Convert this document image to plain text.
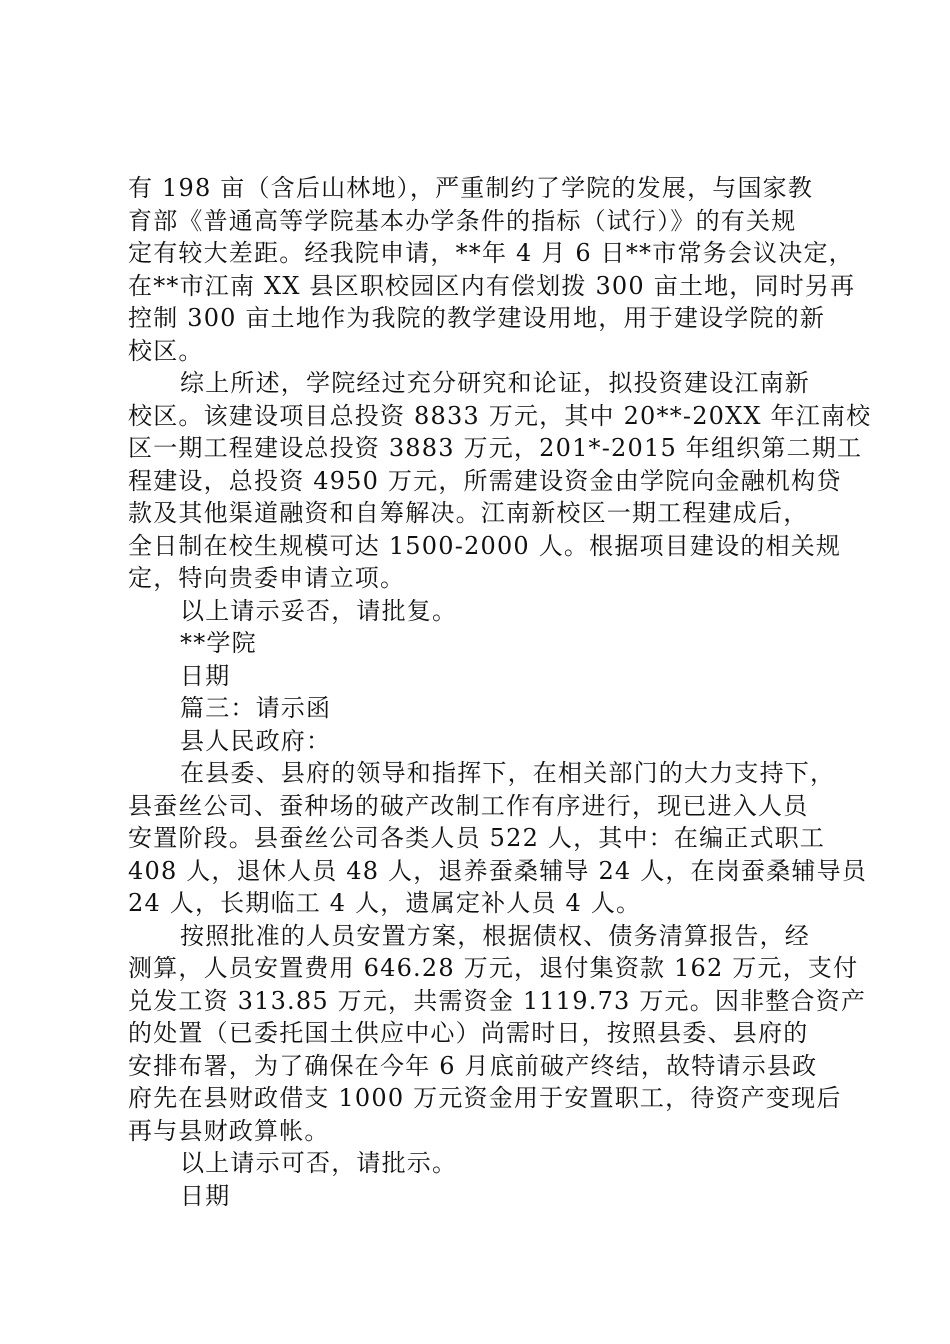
有 198 亩（含后山林地），严重制约了学院的发展，与国家教
育部《普通高等学院基本办学条件的指标（试行）》的有关规
定有较大差距。经我院申请，**年 4 月 6 日**市常务会议决定，
在**市江南 XX 县区职校园区内有偿划拨 300 亩土地，同时另再
控制 300 亩土地作为我院的教学建设用地，用于建设学院的新
校区。
综上所述，学院经过充分研究和论证，拟投资建设江南新
校区。该建设项目总投资 8833 万元，其中 20**-20XX 年江南校
区一期工程建设总投资 3883 万元，201*-2015 年组织第二期工
程建设，总投资 4950 万元，所需建设资金由学院向金融机构贷
款及其他渠道融资和自筹解决。江南新校区一期工程建成后，
全日制在校生规模可达 1500-2000 人。根据项目建设的相关规
定，特向贵委申请立项。
以上请示妥否，请批复。
**学院
日期
篇三：请示函
县人民政府：
在县委、县府的领导和指挥下，在相关部门的大力支持下，
县蚕丝公司、蚕种场的破产改制工作有序进行，现已进入人员
安置阶段。县蚕丝公司各类人员 522 人，其中：在编正式职工
408 人，退休人员 48 人，退养蚕桑辅导 24 人，在岗蚕桑辅导员
24 人，长期临工 4 人，遗属定补人员 4 人。
按照批准的人员安置方案，根据债权、债务清算报告，经
测算，人员安置费用 646.28 万元，退付集资款 162 万元，支付
兑发工资 313.85 万元，共需资金 1119.73 万元。因非整合资产
的处置（已委托国土供应中心）尚需时日，按照县委、县府的
安排布署，为了确保在今年 6 月底前破产终结，故特请示县政
府先在县财政借支 1000 万元资金用于安置职工，待资产变现后
再与县财政算帐。
以上请示可否，请批示。
日期
